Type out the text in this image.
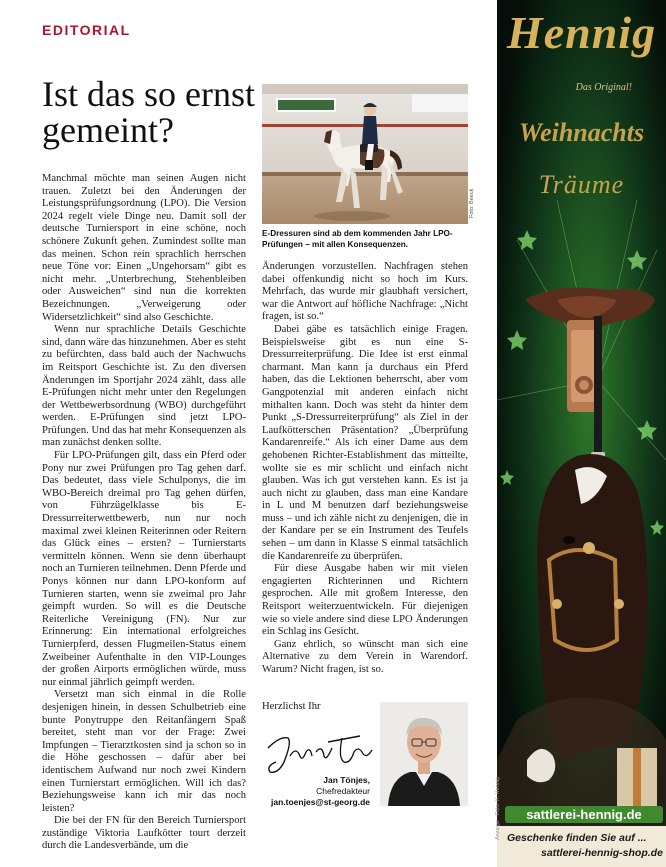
EDITORIAL
Ist das so ernst gemeint?

Manchmal möchte man seinen Augen nicht trauen. Zuletzt bei den Änderungen der Leistungsprüfungsordnung (LPO). Die Version 2024 regelt viele Dinge neu. Damit soll der deutsche Turniersport in eine schöne, noch schönere Zukunft gehen. Zumindest sollte man das meinen. Schon rein sprachlich herrschen neue Töne vor: Einen „Ungehorsam“ gibt es nicht mehr. „Unterbrechung, Stehenbleiben oder Ausweichen“ sind nun die korrekten Bezeichnungen. „Verweigerung oder Widersetzlichkeit“ sind also Geschichte.

Wenn nur sprachliche Details Geschichte sind, dann wäre das hinzunehmen. Aber es steht zu befürchten, dass bald auch der Nachwuchs im Reitsport Geschichte ist. Zu den diversen Änderungen im Sportjahr 2024 zählt, dass alle E-Prüfungen nicht mehr unter den Regelungen der Wettbewerbsordnung (WBO) durchgeführt werden. E-Prüfungen sind jetzt LPO-Prüfungen. Und das hat mehr Konsequenzen als man zunächst denken sollte.

Für LPO-Prüfungen gilt, dass ein Pferd oder Pony nur zwei Prüfungen pro Tag gehen darf. Das bedeutet, dass viele Schulponys, die im WBO-Bereich dreimal pro Tag gehen dürfen, von Führzügelklasse bis E-Dressurreiterwettbewerb, nun nur noch maximal zwei kleinen Reiterinnen oder Reitern das Glück eines – ersten? – Turnierstarts vermitteln können. Wenn sie denn überhaupt noch an Turnieren teilnehmen. Denn Pferde und Ponys können nur dann LPO-konform auf Turnieren starten, wenn sie zweimal pro Jahr geimpft wurden. So will es die Deutsche Reiterliche Vereinigung (FN). Nur zur Erinnerung: Ein international erfolgreiches Turnierpferd, dessen Flugmeilen-Status einem Zweibeiner Aufenthalte in den VIP-Lounges der großen Airports ermöglichen würde, muss nur einmal jährlich geimpft werden.

Versetzt man sich einmal in die Rolle desjenigen hinein, in dessen Schulbetrieb eine bunte Ponytruppe den Reitanfängern Spaß bereitet, steht man vor der Frage: Zwei Impfungen – Tierarztkosten sind ja schon so in die Höhe geschossen – dafür aber bei identischem Aufwand nur noch zwei Kindern einen Turnierstart ermöglichen. Will ich das? Beziehungsweise kann ich mir das noch leisten?

Die bei der FN für den Bereich Turniersport zuständige Viktoria Laufkötter tourt derzeit durch die Landesverbände, um die

Foto: Beeck
E-Dressuren sind ab dem kommenden Jahr LPO-Prüfungen – mit allen Konsequenzen.

Änderungen vorzustellen. Nachfragen stehen dabei offenkundig nicht so hoch im Kurs. Mehrfach, das wurde mir glaubhaft versichert, war die Antwort auf höfliche Nachfrage: „Nicht fragen, ist so.“

Dabei gäbe es tatsächlich einige Fragen. Beispielsweise gibt es nun eine S-Dressurreiterprüfung. Die Idee ist erst einmal charmant. Man kann ja durchaus ein Pferd haben, das die Lektionen beherrscht, aber vom Gangpotenzial mit anderen einfach nicht mithalten kann. Doch was steht da hinter dem Punkt „S-Dressurreiterprüfung“ als Ziel in der Laufkötterschen Präsentation? „Überprüfung Kandarenreife.“ Als ich einer Dame aus dem gehobenen Richter-Establishment das mitteilte, wollte sie es mir schlicht und einfach nicht glauben. Was ich gut verstehen kann. Es ist ja auch nicht zu glauben, dass man eine Kandare in L und M benutzen darf beziehungsweise muss – und ich zähle nicht zu denjenigen, die in der Kandare per se ein Instrument des Teufels sehen – um dann in Klasse S einmal tatsächlich die Kandarenreife zu überprüfen.

Für diese Ausgabe haben wir mit vielen engagierten Richterinnen und Richtern gesprochen. Alle mit großem Interesse, den Reitsport weiterzuentwickeln. Für diejenigen wie so viele andere sind diese LPO Änderungen ein Schlag ins Gesicht.

Ganz ehrlich, so wünscht man sich eine Alternative zu dem Verein in Warendorf. Warum? Nicht fragen, ist so.

Herzlichst Ihr
Jan Tönjes,
Chefredakteur
jan.toenjes@st-georg.de
Hennig
Das Original!
Weihnachts
Träume
sattlerei-hennig.de
Geschenke finden Sie auf ...
sattlerei-hennig-shop.de
Anzeige · Foto: K. Hennig
